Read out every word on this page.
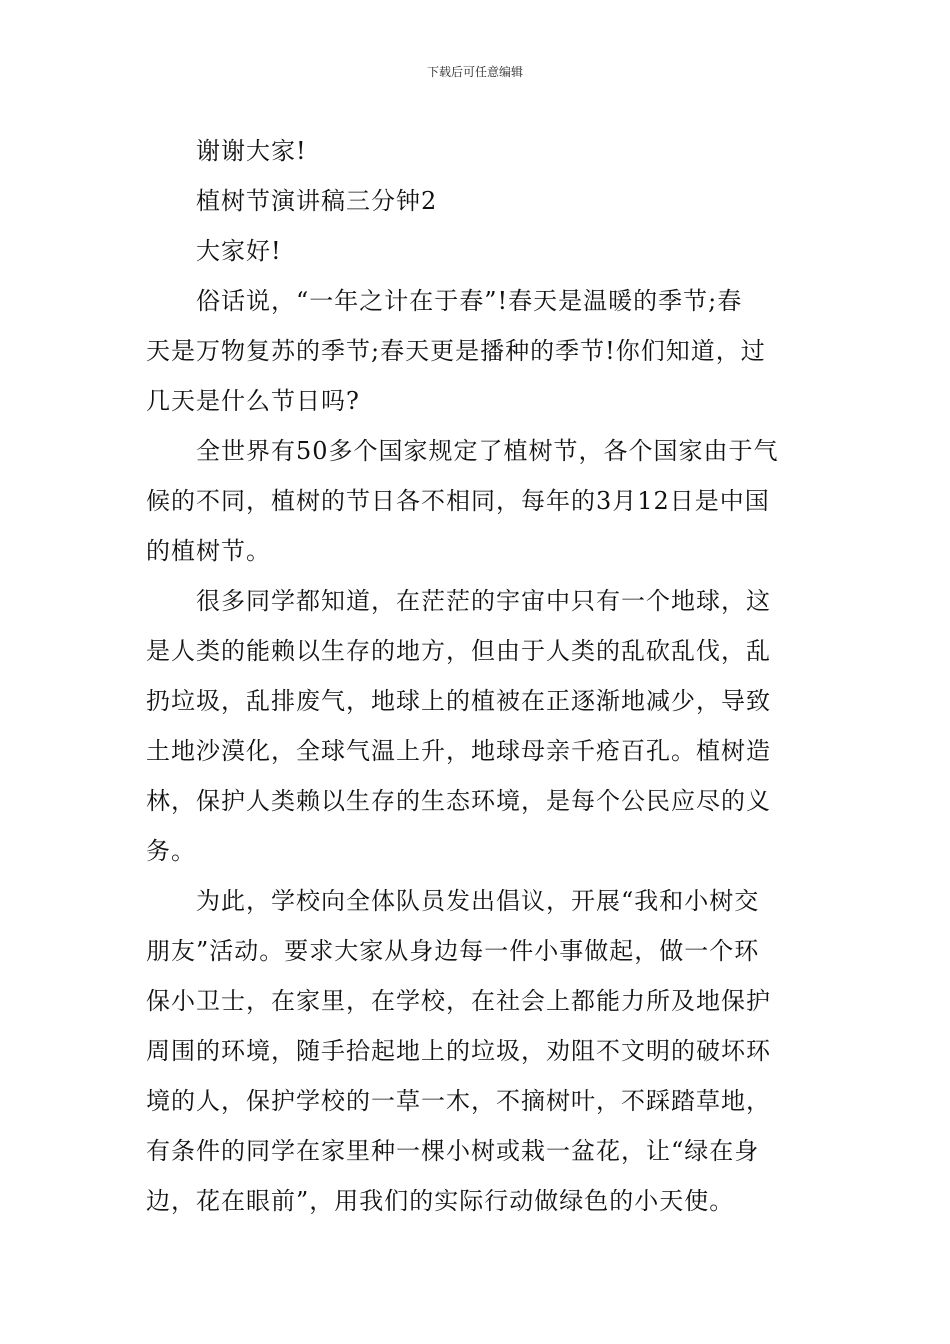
下载后可任意编辑
谢谢大家!
植树节演讲稿三分钟2
大家好!
俗话说，“一年之计在于春”!春天是温暖的季节;春
天是万物复苏的季节;春天更是播种的季节!你们知道，过
几天是什么节日吗?
全世界有50多个国家规定了植树节，各个国家由于气
候的不同，植树的节日各不相同，每年的3月12日是中国
的植树节。
很多同学都知道，在茫茫的宇宙中只有一个地球，这
是人类的能赖以生存的地方，但由于人类的乱砍乱伐，乱
扔垃圾，乱排废气，地球上的植被在正逐渐地减少，导致
土地沙漠化，全球气温上升，地球母亲千疮百孔。植树造
林，保护人类赖以生存的生态环境，是每个公民应尽的义
务。
为此，学校向全体队员发出倡议，开展“我和小树交
朋友”活动。要求大家从身边每一件小事做起，做一个环
保小卫士，在家里，在学校，在社会上都能力所及地保护
周围的环境，随手拾起地上的垃圾，劝阻不文明的破坏环
境的人，保护学校的一草一木，不摘树叶，不踩踏草地，
有条件的同学在家里种一棵小树或栽一盆花，让“绿在身
边，花在眼前”，用我们的实际行动做绿色的小天使。
